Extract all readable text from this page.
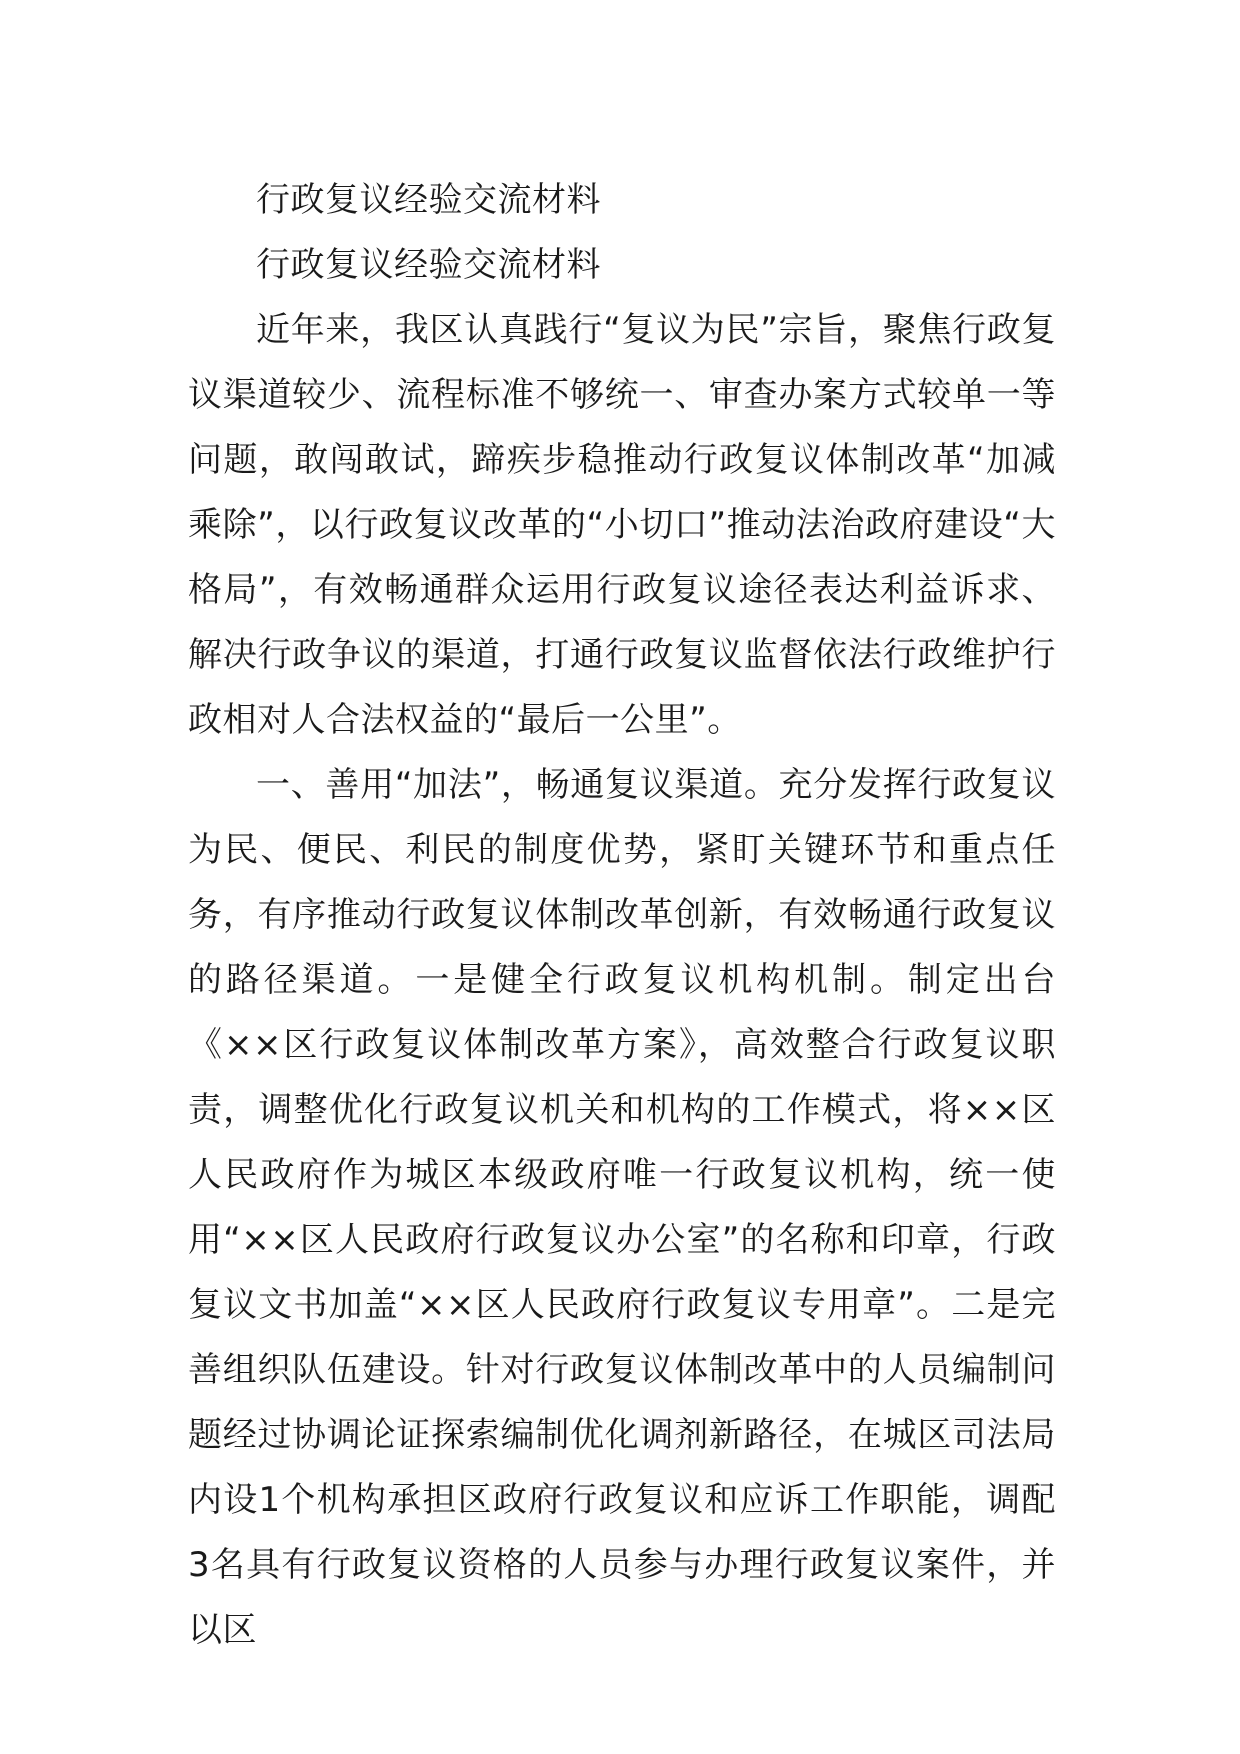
行政复议经验交流材料

行政复议经验交流材料

近年来，我区认真践行“复议为民”宗旨，聚焦行政复议渠道较少、流程标准不够统一、审查办案方式较单一等问题，敢闯敢试，蹄疾步稳推动行政复议体制改革“加减乘除”，以行政复议改革的“小切口”推动法治政府建设“大格局”，有效畅通群众运用行政复议途径表达利益诉求、解决行政争议的渠道，打通行政复议监督依法行政维护行政相对人合法权益的“最后一公里”。

一、善用“加法”，畅通复议渠道。充分发挥行政复议为民、便民、利民的制度优势，紧盯关键环节和重点任务，有序推动行政复议体制改革创新，有效畅通行政复议的路径渠道。一是健全行政复议机构机制。制定出台《××区行政复议体制改革方案》，高效整合行政复议职责，调整优化行政复议机关和机构的工作模式，将××区人民政府作为城区本级政府唯一行政复议机构，统一使用“××区人民政府行政复议办公室”的名称和印章，行政复议文书加盖“××区人民政府行政复议专用章”。二是完善组织队伍建设。针对行政复议体制改革中的人员编制问题经过协调论证探索编制优化调剂新路径，在城区司法局内设1个机构承担区政府行政复议和应诉工作职能，调配3名具有行政复议资格的人员参与办理行政复议案件，并以区
